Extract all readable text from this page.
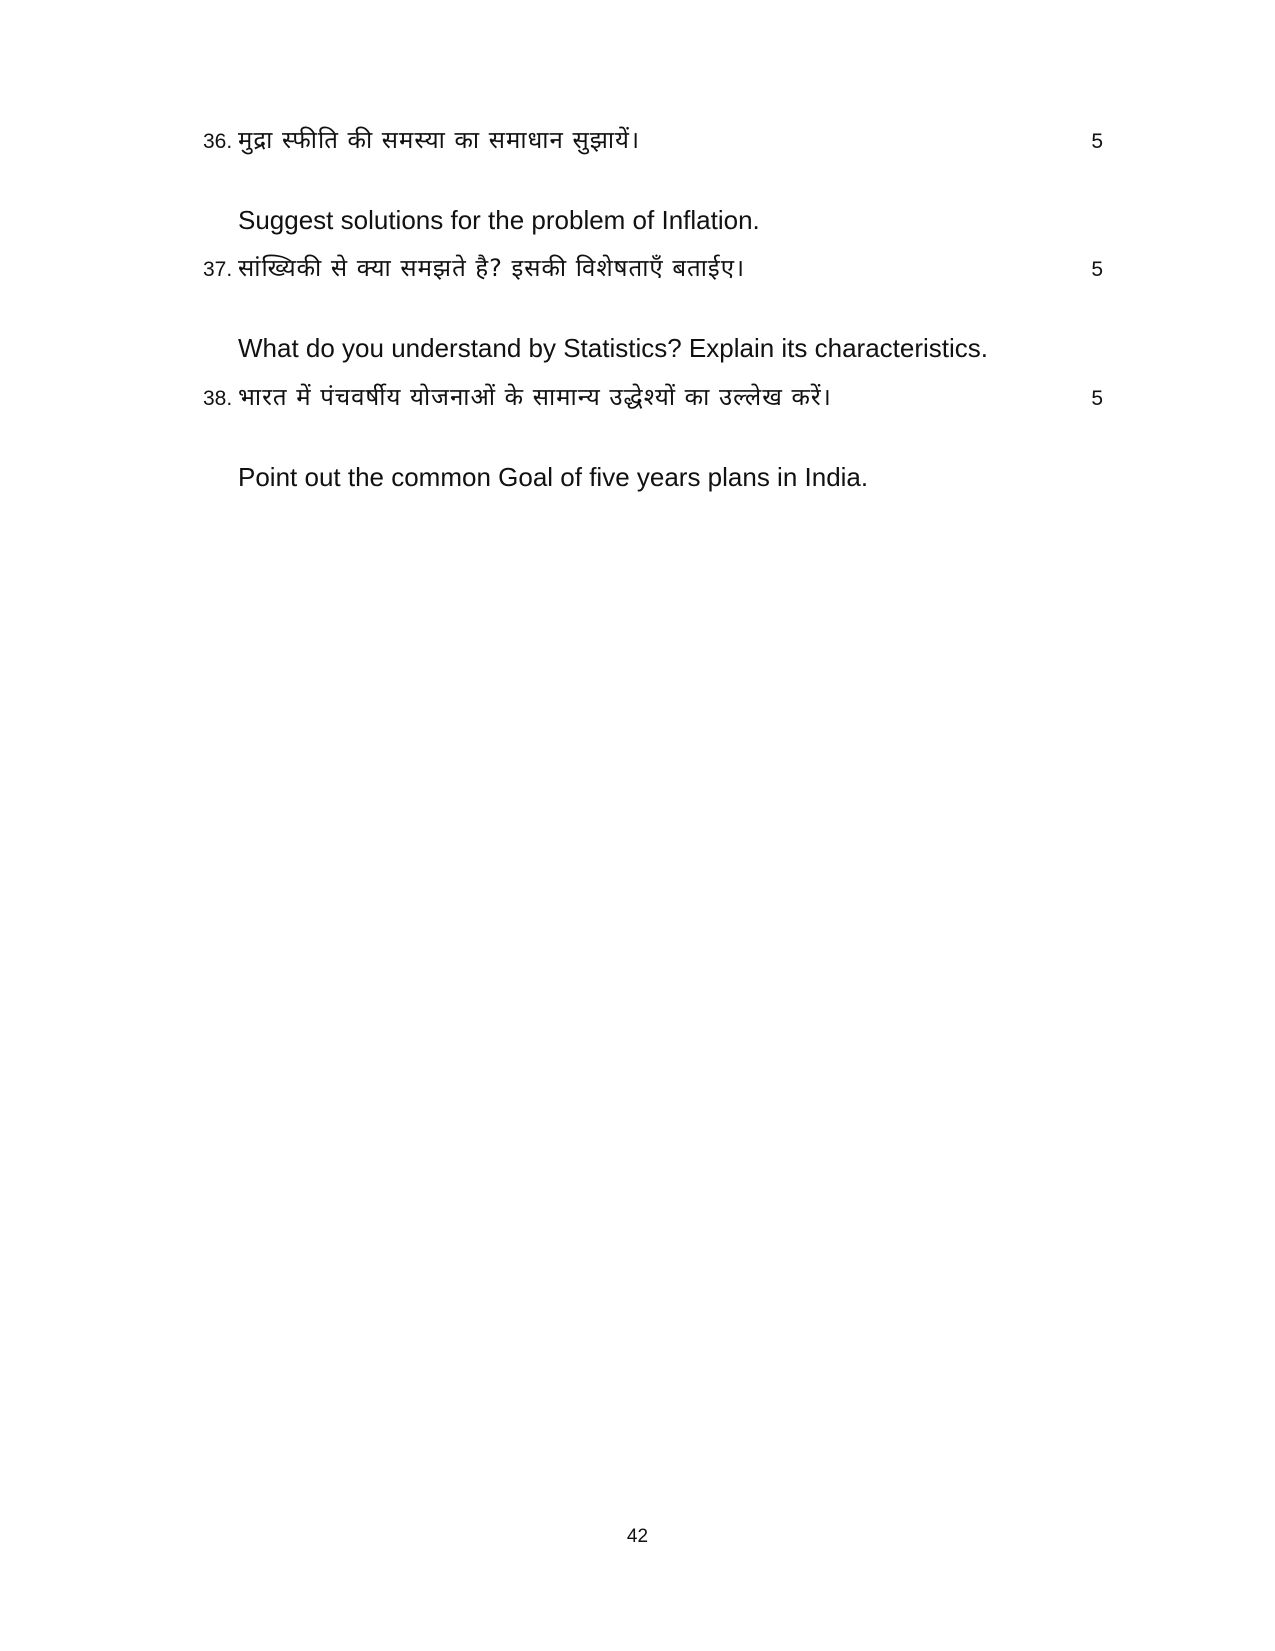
36. मुद्रा स्फीति की समस्या का समाधान सुझायें।	5
Suggest solutions for the problem of Inflation.
37. सांख्यिकी से क्या समझते है? इसकी विशेषताएँ बताईए।	5
What do you understand by Statistics? Explain its characteristics.
38. भारत में पंचवर्षीय योजनाओं के सामान्य उद्धेश्यों का उल्लेख करें।	5
Point out the common Goal of five years plans in India.
42
